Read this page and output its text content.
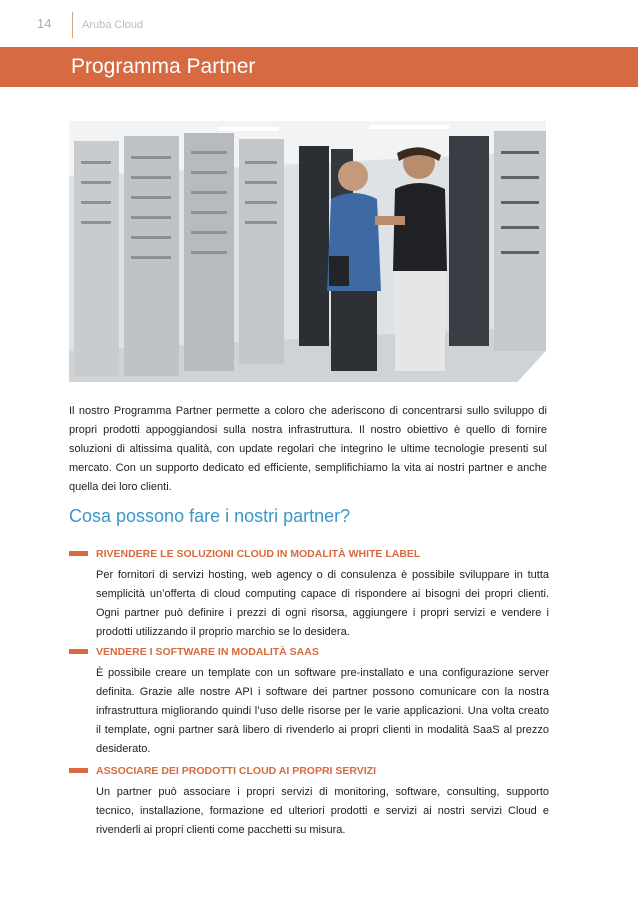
14	Aruba Cloud
Programma Partner

Il nostro Programma Partner permette a coloro che aderiscono di concentrarsi sullo sviluppo di propri prodotti appoggiandosi sulla nostra infrastruttura. Il nostro obiettivo è quello di fornire soluzioni di altissima qualità, con update regolari che integrino le ultime tecnologie presenti sul mercato. Con un supporto dedicato ed efficiente, semplifichiamo la vita ai nostri partner e anche quella dei loro clienti.

Cosa possono fare i nostri partner?
RIVENDERE LE SOLUZIONI CLOUD IN MODALITÀ WHITE LABEL

Per fornitori di servizi hosting, web agency o di consulenza è possibile sviluppare in tutta semplicità un’offerta di cloud computing capace di rispondere ai bisogni dei propri clienti. Ogni partner può definire i prezzi di ogni risorsa, aggiungere i propri servizi e vendere i prodotti utilizzando il proprio marchio se lo desidera.

VENDERE I SOFTWARE IN MODALITÀ SAAS

È possibile creare un template con un software pre-installato e una configurazione server definita. Grazie alle nostre API i software dei partner possono comunicare con la nostra infrastruttura migliorando quindi l’uso delle risorse per le varie applicazioni. Una volta creato il template, ogni partner sarà libero di rivenderlo ai propri clienti in modalità SaaS al prezzo desiderato.

ASSOCIARE DEI PRODOTTI CLOUD AI PROPRI SERVIZI

Un partner può associare i propri servizi di monitoring, software, consulting, supporto tecnico, installazione, formazione ed ulteriori prodotti e servizi ai nostri servizi Cloud e rivenderli ai propri clienti come pacchetti su misura.
